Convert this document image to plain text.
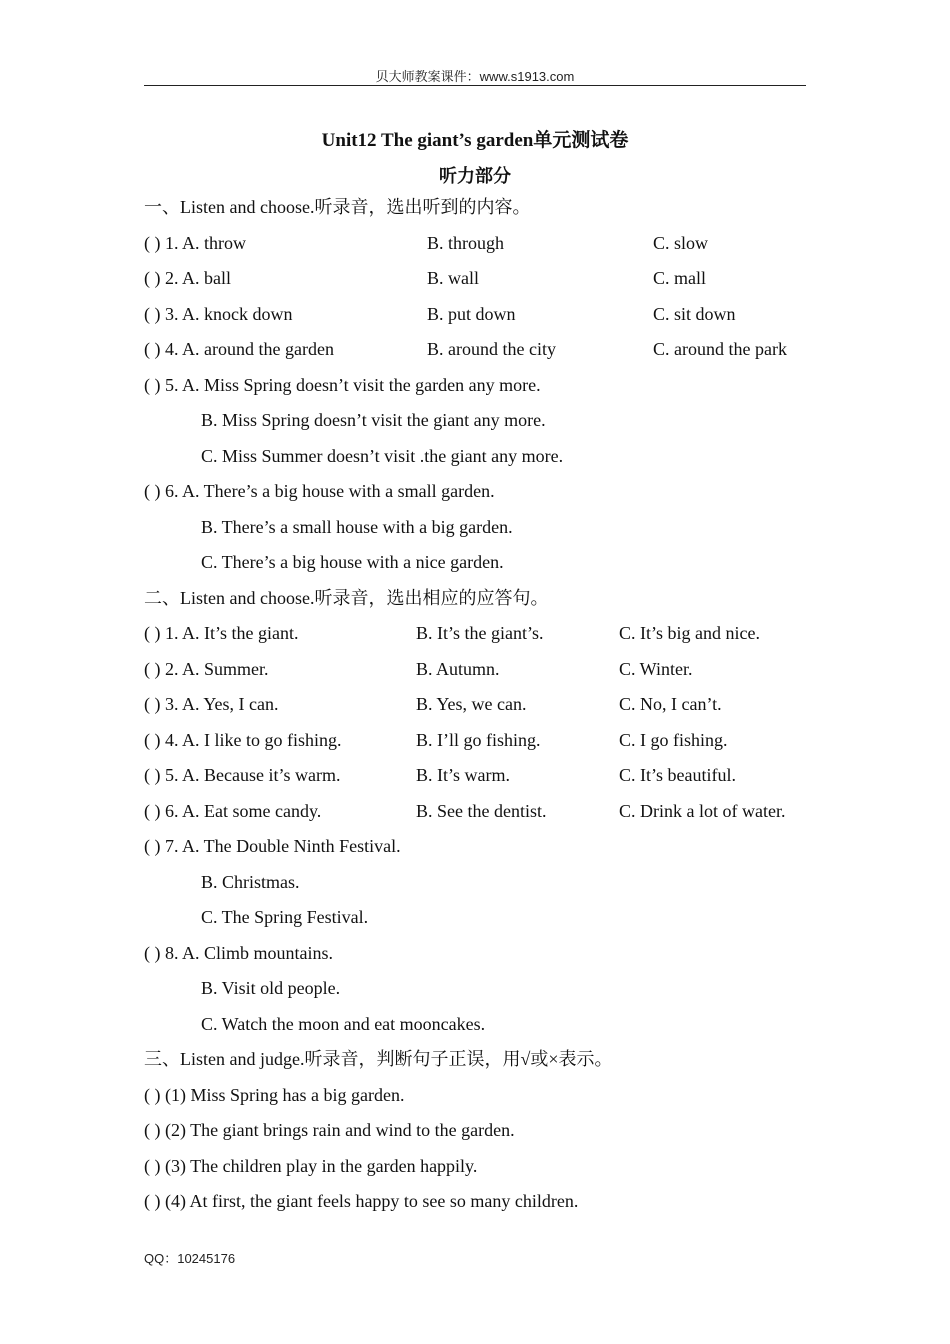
贝大师教案课件：www.s1913.com
Unit12 The giant’s garden单元测试卷
听力部分
一、Listen and choose.听录音，选出听到的内容。
( ) 1. A. throw	B. through	C. slow
( ) 2. A. ball	B. wall	C. mall
( ) 3. A. knock down	B. put down	C. sit down
( ) 4. A. around the garden	B. around the city	C. around the park
( ) 5. A. Miss Spring doesn’t visit the garden any more.
B. Miss Spring doesn’t visit the giant any more.
C. Miss Summer doesn’t visit .the giant any more.
( ) 6. A. There’s a big house with a small garden.
B. There’s a small house with a big garden.
C. There’s a big house with a nice garden.
二、Listen and choose.听录音，选出相应的应答句。
( ) 1. A. It’s the giant.	B. It’s the giant’s.	C. It’s big and nice.
( ) 2. A. Summer.	B. Autumn.	C. Winter.
( ) 3. A. Yes, I can.	B. Yes, we can.	C. No, I can’t.
( ) 4. A. I like to go fishing.	B. I’ll go fishing.	C. I go fishing.
( ) 5. A. Because it’s warm.	B. It’s warm.	C. It’s beautiful.
( ) 6. A. Eat some candy.	B. See the dentist.	C. Drink a lot of water.
( ) 7. A. The Double Ninth Festival.
B. Christmas.
C. The Spring Festival.
( ) 8. A. Climb mountains.
B. Visit old people.
C. Watch the moon and eat mooncakes.
三、Listen and judge.听录音，判断句子正误，用√或×表示。
( ) (1) Miss Spring has a big garden.
( ) (2) The giant brings rain and wind to the garden.
( ) (3) The children play in the garden happily.
( ) (4) At first, the giant feels happy to see so many children.
QQ：10245176
